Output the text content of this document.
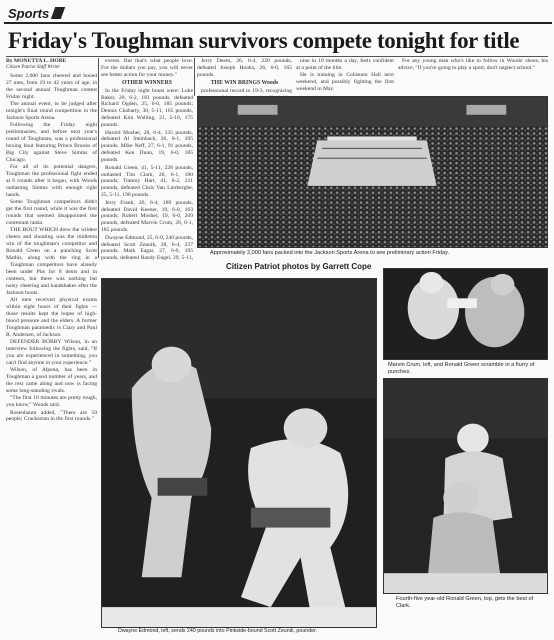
Sports
Friday's Toughman survivors compete tonight for title

By MONETTA L. HOBE

Citizen Patriot Staff Writer

Some 2,000 fans cheered and booed 27 men, from 19 to 42 years of age, in the second annual Toughman contest Friday night.

The annual event, to be judged after tonight's final round competition in the Jackson Sports Arena.

Following the Friday night preliminaries, and before next year's round of Toughman, was a professional boxing bout featuring Prince Brooks of Big City against Steve Simms of Chicago.

For all of its potential dangers, Toughman the professional fight ended at 6 rounds after it began, with Woods outlasting Simms with enough right hands.

Some Toughman competitors didn't get the first round, while it was the first rounds that seemed disappointed the contestant ranks.

THE BOUT WHICH drew the wildest cheers and shouting was the midleton win of the toughman's competitor and Ronald Green on a punching Scott Mathis, along with the ring in a

events. But that's what people love. For the dollars you pay, you will never see better action for your money."

OTHER WINNERS

In the Friday night bouts were: Luke Baker, 20, 6-2, 181 pounds, defeated Richard Ogden, 25, 6-0, 185 pounds; Dennis Chaharty, 30, 5-11, 165 pounds, defeated Kim Walling, 21, 5-10, 175 pounds.

Harold Mosher, 28, 6-4, 135 pounds, defeated Al Steinbach, 26, 6-1, 195 pounds; Mike Neff, 27, 6-1, 91 pounds, defeated Ken Dunn, 19, 6-0, 185 pounds.

Ronald Green, 41, 5-11, 228 pounds, outlasted Tim Clark, 26, 6-1, 180 pounds; Tommy Hart, 41, 6-2, 211 pounds, defeated Chris Van Lierberghe, 25, 5-11, 190 pounds.

Jerry Frank, 26, 6-4, 189 pounds, defeated David Keener, 19, 6-0, 163 pounds; Robert Mosher, 19, 6-0, 209 pounds, defeated Marvin Crum, 26, 6-1, 185 pounds.

Dwayne Edmond, 25, 6-0, 240 pounds, defeated Scott Zeunik, 28, 6-4, 237 pounds; Mark Eagar, 27, 6-0, 195 pounds, defeated Randy Engel, 29, 5-11,

Jerry Deem, 26, 6-4, 220 pounds, defeated Joseph Hooks, 26, 6-0, 165 pounds.

THE WIN BRINGS Woods

professional record to 19-3, recognizing

nine in 10 months a day, feels confident at a point of the title.

He is training in Coliseum Hall next weekend, and possibly fighting the first weekend in May.

For any young man who's like to follow in Woods' shoes, his advice, "If you're going to play a sport, don't neglect school."

Toughman competitors have already been under Pits for 8 dents and in contests, but there was nothing but noisy cheering and handshakes after the Jackson bouts.

All men received physical exams within eight hours of their fights — those results kept the hopes of high-blood pressure and the elders. A former Toughman paramedic is Clary and Paul R. Andersen, of Jackson.

DEFENDER BOBBY Wilson, in an interview following the fights, said, "If you are experienced in something, you can't find anyone in your experience."

Wilson, of Alpena, has been in Toughman a good number of years, and the rest came along and now is facing some long-standing rivals.

"The first 10 minutes are pretty tough, you know," Woods said.

Rosenbaum added, "There are 50 people; Cracksman in the first rounds."

Approximately 2,000 fans packed into the Jackson Sports Arena to see preliminary action Friday.
Citizen Patriot photos by Garrett Cope
Dwayne Edmond, left, sends 240 pounds into Pinkside-bound Scott Zeunik, pounder.
Marvin Crum, left, and Ronald Green scramble in a flurry of punches.
Fourth-five year-old Ronald Green, top, gets the best of Clark.
